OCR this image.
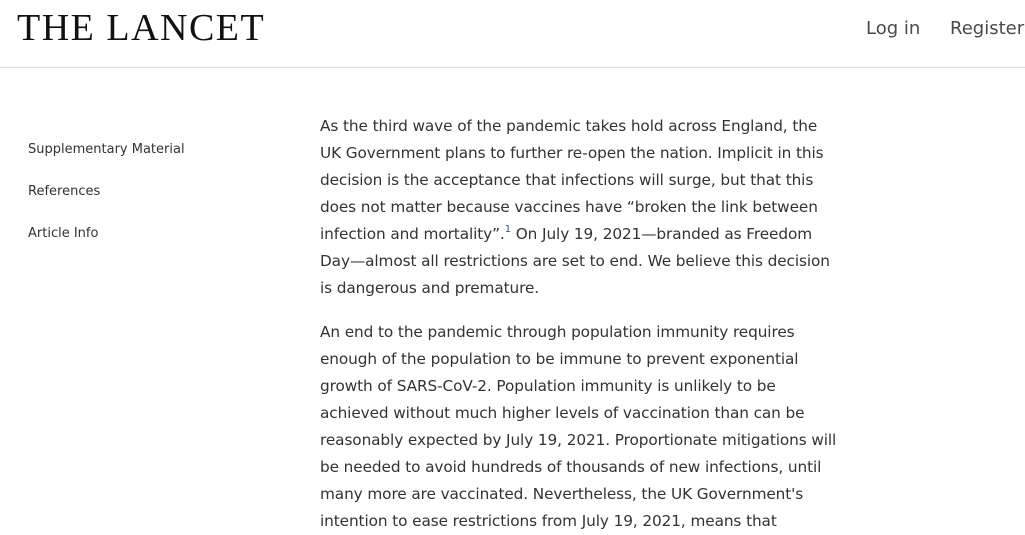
THE LANCET	Log in Register
Supplementary Material
References
Article Info

As the third wave of the pandemic takes hold across England, the UK Government plans to further re-open the nation. Implicit in this decision is the acceptance that infections will surge, but that this does not matter because vaccines have “broken the link between infection and mortality”.$^1$ On July 19, 2021—branded as Freedom Day—almost all restrictions are set to end. We believe this decision is dangerous and premature.

An end to the pandemic through population immunity requires enough of the population to be immune to prevent exponential growth of SARS-CoV-2. Population immunity is unlikely to be achieved without much higher levels of vaccination than can be reasonably expected by July 19, 2021. Proportionate mitigations will be needed to avoid hundreds of thousands of new infections, until many more are vaccinated. Nevertheless, the UK Government's intention to ease restrictions from July 19, 2021, means that
